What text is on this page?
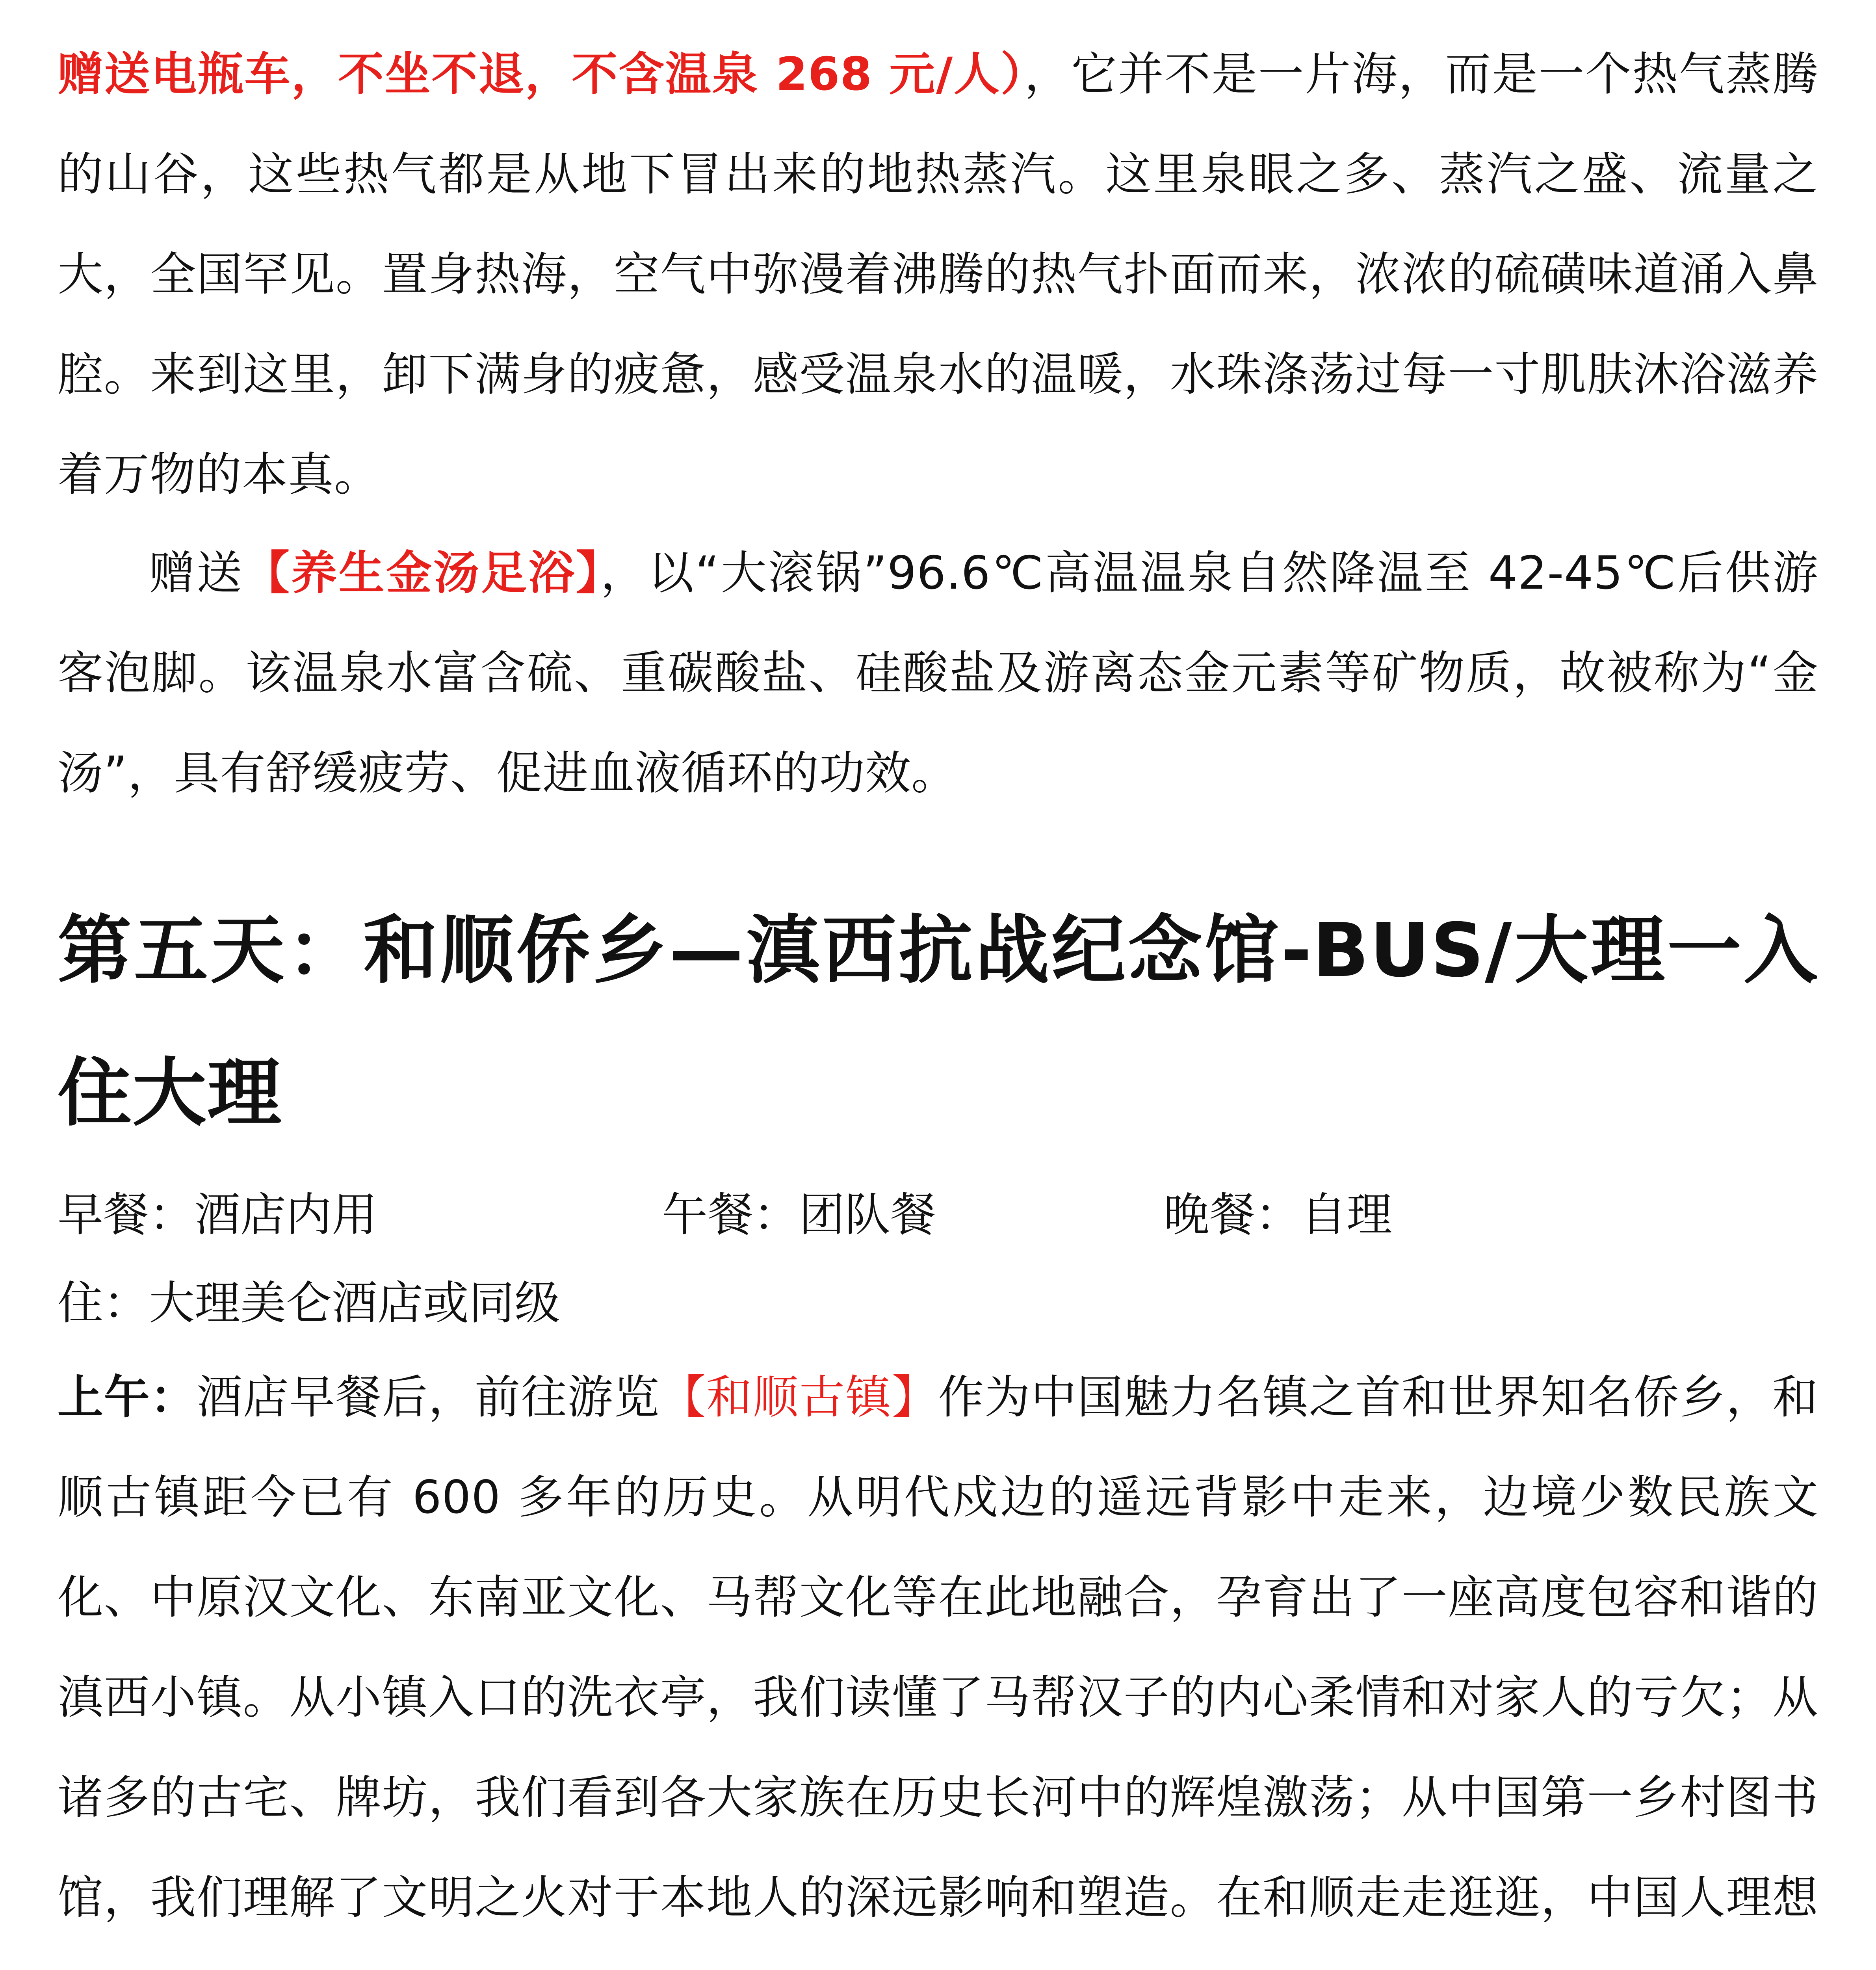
赠送电瓶车，不坐不退，不含温泉 268 元/人），它并不是一片海，而是一个热气蒸腾的山谷，这些热气都是从地下冒出来的地热蒸汽。这里泉眼之多、蒸汽之盛、流量之大，全国罕见。置身热海，空气中弥漫着沸腾的热气扑面而来，浓浓的硫磺味道涌入鼻腔。来到这里，卸下满身的疲惫，感受温泉水的温暖，水珠涤荡过每一寸肌肤沐浴滋养着万物的本真。

赠送【养生金汤足浴】，以“大滚锅”96.6℃高温温泉自然降温至 42-45℃后供游客泡脚。该温泉水富含硫、重碳酸盐、硅酸盐及游离态金元素等矿物质，故被称为“金汤”，具有舒缓疲劳、促进血液循环的功效。

第五天：和顺侨乡—滇西抗战纪念馆-BUS/大理一入住大理
早餐：酒店内用	午餐：团队餐	晚餐：自理
住：大理美仑酒店或同级

上午：酒店早餐后，前往游览【和顺古镇】作为中国魅力名镇之首和世界知名侨乡，和顺古镇距今已有 600 多年的历史。从明代戍边的遥远背影中走来，边境少数民族文化、中原汉文化、东南亚文化、马帮文化等在此地融合，孕育出了一座高度包容和谐的滇西小镇。从小镇入口的洗衣亭，我们读懂了马帮汉子的内心柔情和对家人的亏欠；从诸多的古宅、牌坊，我们看到各大家族在历史长河中的辉煌激荡；从中国第一乡村图书馆，我们理解了文明之火对于本地人的深远影响和塑造。在和顺走走逛逛，中国人理想
